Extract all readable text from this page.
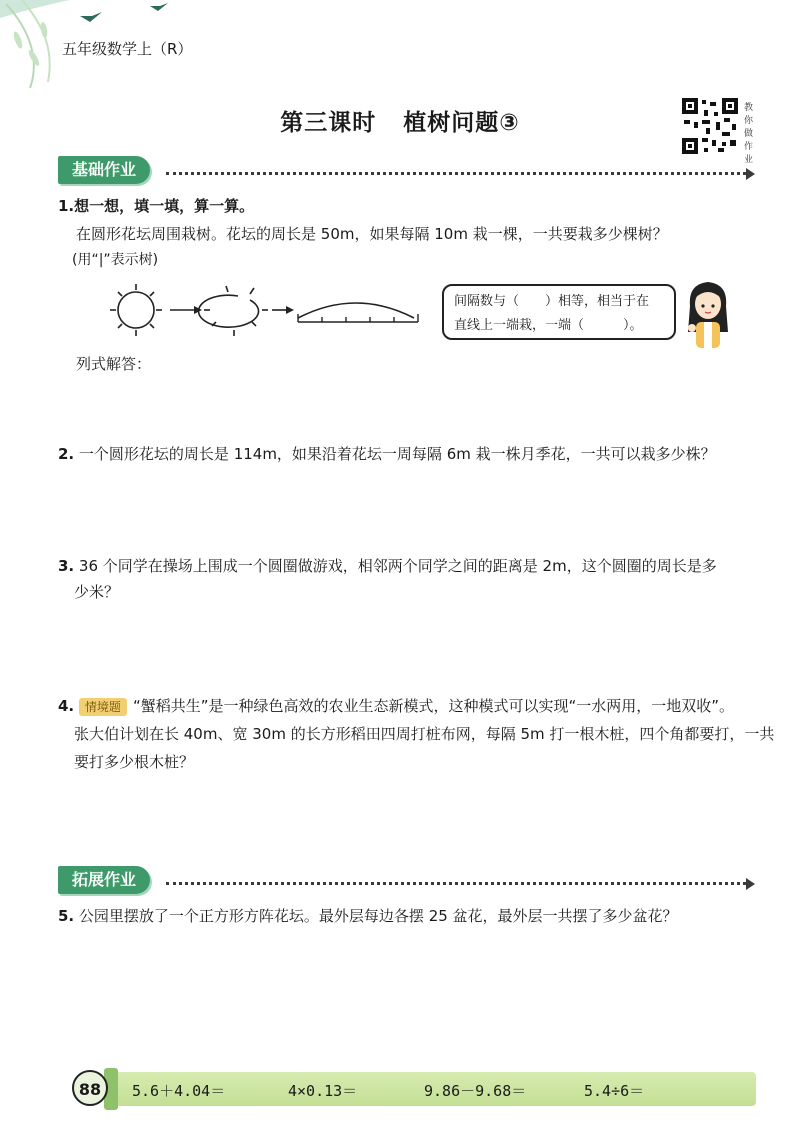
五年级数学上（R）
第三课时 植树问题③
教
你
做
作
业
基础作业
1.想一想，填一填，算一算。
在圆形花坛周围栽树。花坛的周长是 50m，如果每隔 10m 栽一棵，一共要栽多少棵树？
(用“|”表示树)
间隔数与（　　）相等，相当于在
直线上一端栽，一端（　　　）。
列式解答：
2. 一个圆形花坛的周长是 114m，如果沿着花坛一周每隔 6m 栽一株月季花，一共可以栽多少株？
3. 36 个同学在操场上围成一个圆圈做游戏，相邻两个同学之间的距离是 2m，这个圆圈的周长是多
少米？
4. 情境题 “蟹稻共生”是一种绿色高效的农业生态新模式，这种模式可以实现“一水两用，一地双收”。
张大伯计划在长 40m、宽 30m 的长方形稻田四周打桩布网，每隔 5m 打一根木桩，四个角都要打，一共
要打多少根木桩？
拓展作业
5. 公园里摆放了一个正方形方阵花坛。最外层每边各摆 25 盆花，最外层一共摆了多少盆花？
88	5.6＋4.04＝	4×0.13＝	9.86－9.68＝	5.4÷6＝
